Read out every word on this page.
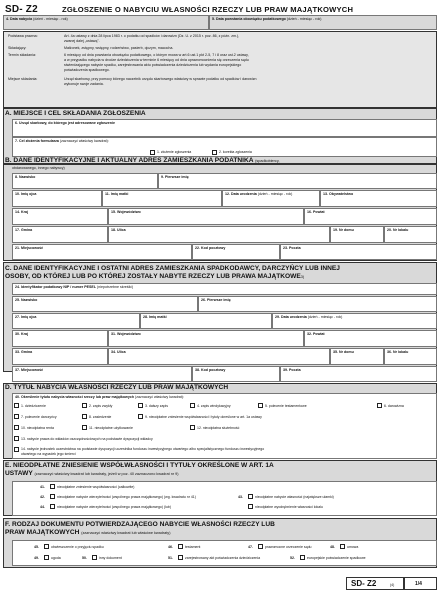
SD- Z2	ZGŁOSZENIE O NABYCIU WŁASNOŚCI RZECZY LUB PRAW MAJĄTKOWYCH
4. Data nabycia (dzień - miesiąc - rok)	5. Data powstania obowiązku podatkowego (dzień - miesiąc - rok)
Podstawa prawna:	Art. 4a ustawy z dnia 28 lipca 1983 r. o podatku od spadków i darowizn (Dz. U. z 2015 r. poz. 86, z późn. zm.),
zwanej dalej „ustawą".
Składający:	Małżonek, zstępny, wstępny, rodzeństwo, pasierb, ojczym, macocha.
Termin składania:	6 miesięcy od dnia powstania obowiązku podatkowego, o którym mowa w art.6 ust.1 pkt 2-5, 7 i 8 oraz ust.2 ustawy,
a w przypadku nabycia w drodze dziedziczenia w terminie 6 miesięcy od dnia uprawomocnienia się orzeczenia sądu
stwierdzającego nabycie spadku, zarejestrowania aktu poświadczenia dziedziczenia lub wydania europejskiego
poświadczenia spadkowego.
Miejsce składania:	Urząd skarbowy, przy pomocy którego naczelnik urzędu skarbowego właściwy w sprawie podatku od spadków i darowizn
wykonuje swoje zadania.
A. MIEJSCE I CEL SKŁADANIA ZGŁOSZENIA
6. Urząd skarbowy, do którego jest adresowane zgłoszenie
7. Cel złożenia formularza (zaznaczyć właściwy kwadrat):
1. złożenie zgłoszenia	2. korekta zgłoszenia
B. DANE IDENTYFIKACYJNE I AKTUALNY ADRES ZAMIESZKANIA PODATNIKA (spadkobiercy,
obdarowanego, innego nabywcy)
8. Nazwisko	9. Pierwsze imię
10. Imię ojca	11. Imię matki	12. Data urodzenia (dzień - miesiąc - rok)	13. Obywatelstwo
14. Kraj	15. Województwo	16. Powiat
17. Gmina	18. Ulica	19. Nr domu	20. Nr lokalu
21. Miejscowość	22. Kod pocztowy	23. Poczta
C. DANE IDENTYFIKACYJNE I OSTATNI ADRES ZAMIESZKANIA SPADKODAWCY, DARCZYŃCY LUB INNEJ
OSOBY, OD KTÓREJ LUB PO KTÓREJ ZOSTAŁY NABYTE RZECZY LUB PRAWA MAJĄTKOWE3)
24. Identyfikator podatkowy NIP / numer PESEL (niepotrzebne skreślić)
25. Nazwisko	26. Pierwsze imię
27. Imię ojca	28. Imię matki	29. Data urodzenia (dzień - miesiąc - rok)
30. Kraj	31. Województwo	32. Powiat
33. Gmina	34. Ulica	35. Nr domu	36. Nr lokalu
37. Miejscowość	38. Kod pocztowy	39. Poczta
D. TYTUŁ NABYCIA WŁASNOŚCI RZECZY LUB PRAW MAJĄTKOWYCH
40. Określenie tytułu nabycia własności rzeczy lub praw majątkowych (zaznaczyć właściwy kwadrat):
1. dziedziczenie	2. zapis zwykły	3. dalszy zapis	4. zapis windykacyjny	5. polecenie testamentowe	6. darowizna
7. polecenie darczyńcy	8. zasiedzenie	9. nieodpłatne zniesienie współwłasności i tytuły określone w art. 1a ustawy
10. nieodpłatna renta	11. nieodpłatne użytkowanie	12. nieodpłatna służebność
13. nabycie prawa do wkładów oszczędnościowych na podstawie dyspozycji wkładcy
14. nabycie jednostek uczestnictwa na podstawie dyspozycji uczestnika funduszu inwestycyjnego otwartego albo specjalistycznego funduszu inwestycyjnego
otwartego na wypadek jego śmierci
E. NIEODPŁATNE ZNIESIENIE WSPÓŁWŁASNOŚCI I TYTUŁY OKREŚLONE W ART. 1A
USTAWY (zaznaczyć właściwy kwadrat lub kwadraty, jeżeli w poz. 40 zaznaczono kwadrat nr 9)
41.	nieodpłatne zniesienie współwłasności (całkowite)
42.	nieodpłatne nabycie wierzytelności (wspólnego prawa majątkowego) (wg. kwadratu nr 41)	43.	nieodpłatne nabycie własności (największe ułamki)
44.	nieodpłatne nabycie wierzytelności (wspólnego prawa majątkowego) (lub)	nieodpłatne wyodrębnienie własności lokalu
F. RODZAJ DOKUMENTU POTWIERDZAJĄCEGO NABYCIE WŁASNOŚCI RZECZY LUB
PRAW MAJĄTKOWYCH (zaznaczyć właściwy kwadrat lub właściwe kwadraty)
45.	obwieszczenie o przyjęciu spadku	46.	testament	47.	prawomocne orzeczenie sądu	48.	umowa
49.	ugoda	50.	inny dokument	51.	zarejestrowany akt poświadczenia dziedziczenia	52.	europejskie poświadczenie spadkowe
SD- Z2	(4)	1/4
